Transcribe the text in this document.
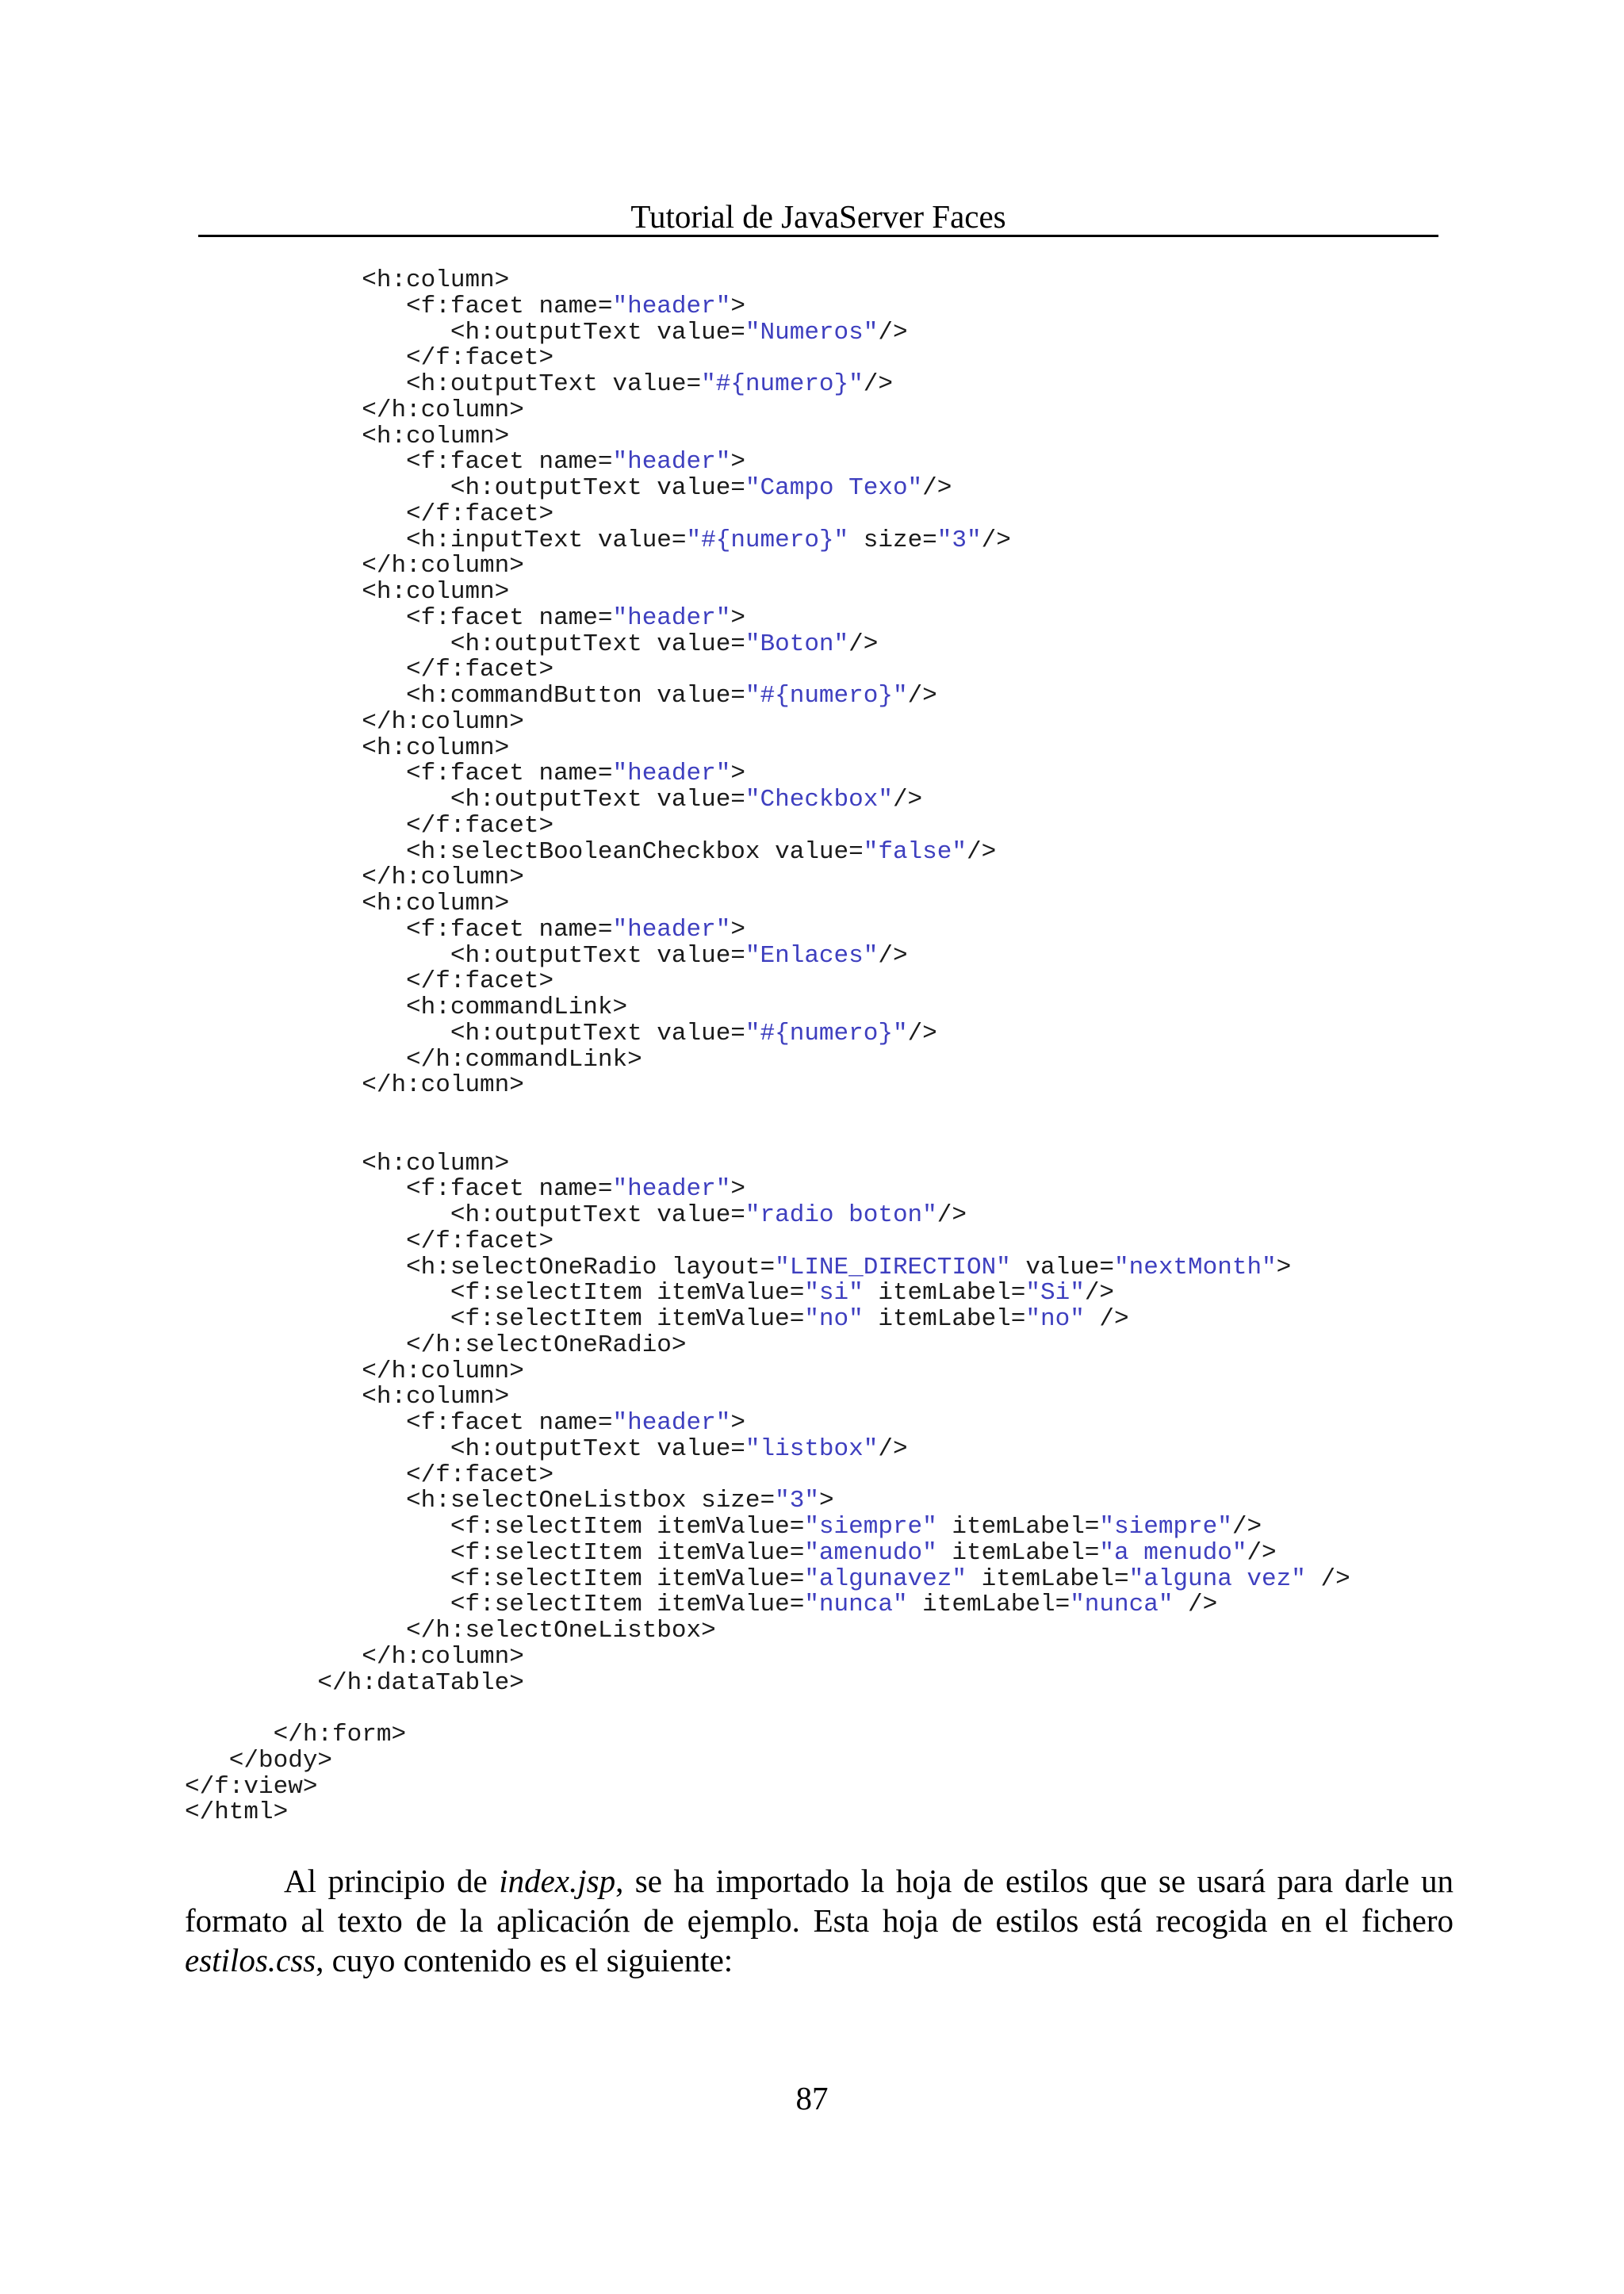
Tutorial de JavaServer Faces
<h:column>
<f:facet name="header">
<h:outputText value="Numeros"/>
</f:facet>
<h:outputText value="#{numero}"/>
</h:column>
<h:column>
<f:facet name="header">
<h:outputText value="Campo Texo"/>
</f:facet>
<h:inputText value="#{numero}" size="3"/>
</h:column>
<h:column>
<f:facet name="header">
<h:outputText value="Boton"/>
</f:facet>
<h:commandButton value="#{numero}"/>
</h:column>
<h:column>
<f:facet name="header">
<h:outputText value="Checkbox"/>
</f:facet>
<h:selectBooleanCheckbox value="false"/>
</h:column>
<h:column>
<f:facet name="header">
<h:outputText value="Enlaces"/>
</f:facet>
<h:commandLink>
<h:outputText value="#{numero}"/>
</h:commandLink>
</h:column>

<h:column>
<f:facet name="header">
<h:outputText value="radio boton"/>
</f:facet>
<h:selectOneRadio layout="LINE_DIRECTION" value="nextMonth">
<f:selectItem itemValue="si" itemLabel="Si"/>
<f:selectItem itemValue="no" itemLabel="no" />
</h:selectOneRadio>
</h:column>
<h:column>
<f:facet name="header">
<h:outputText value="listbox"/>
</f:facet>
<h:selectOneListbox size="3">
<f:selectItem itemValue="siempre" itemLabel="siempre"/>
<f:selectItem itemValue="amenudo" itemLabel="a menudo"/>
<f:selectItem itemValue="algunavez" itemLabel="alguna vez" />
<f:selectItem itemValue="nunca" itemLabel="nunca" />
</h:selectOneListbox>
</h:column>
</h:dataTable>

</h:form>
</body>
</f:view>
</html>

Al principio de index.jsp, se ha importado la hoja de estilos que se usará para darle un formato al texto de la aplicación de ejemplo. Esta hoja de estilos está recogida en el fichero estilos.css, cuyo contenido es el siguiente:

87
